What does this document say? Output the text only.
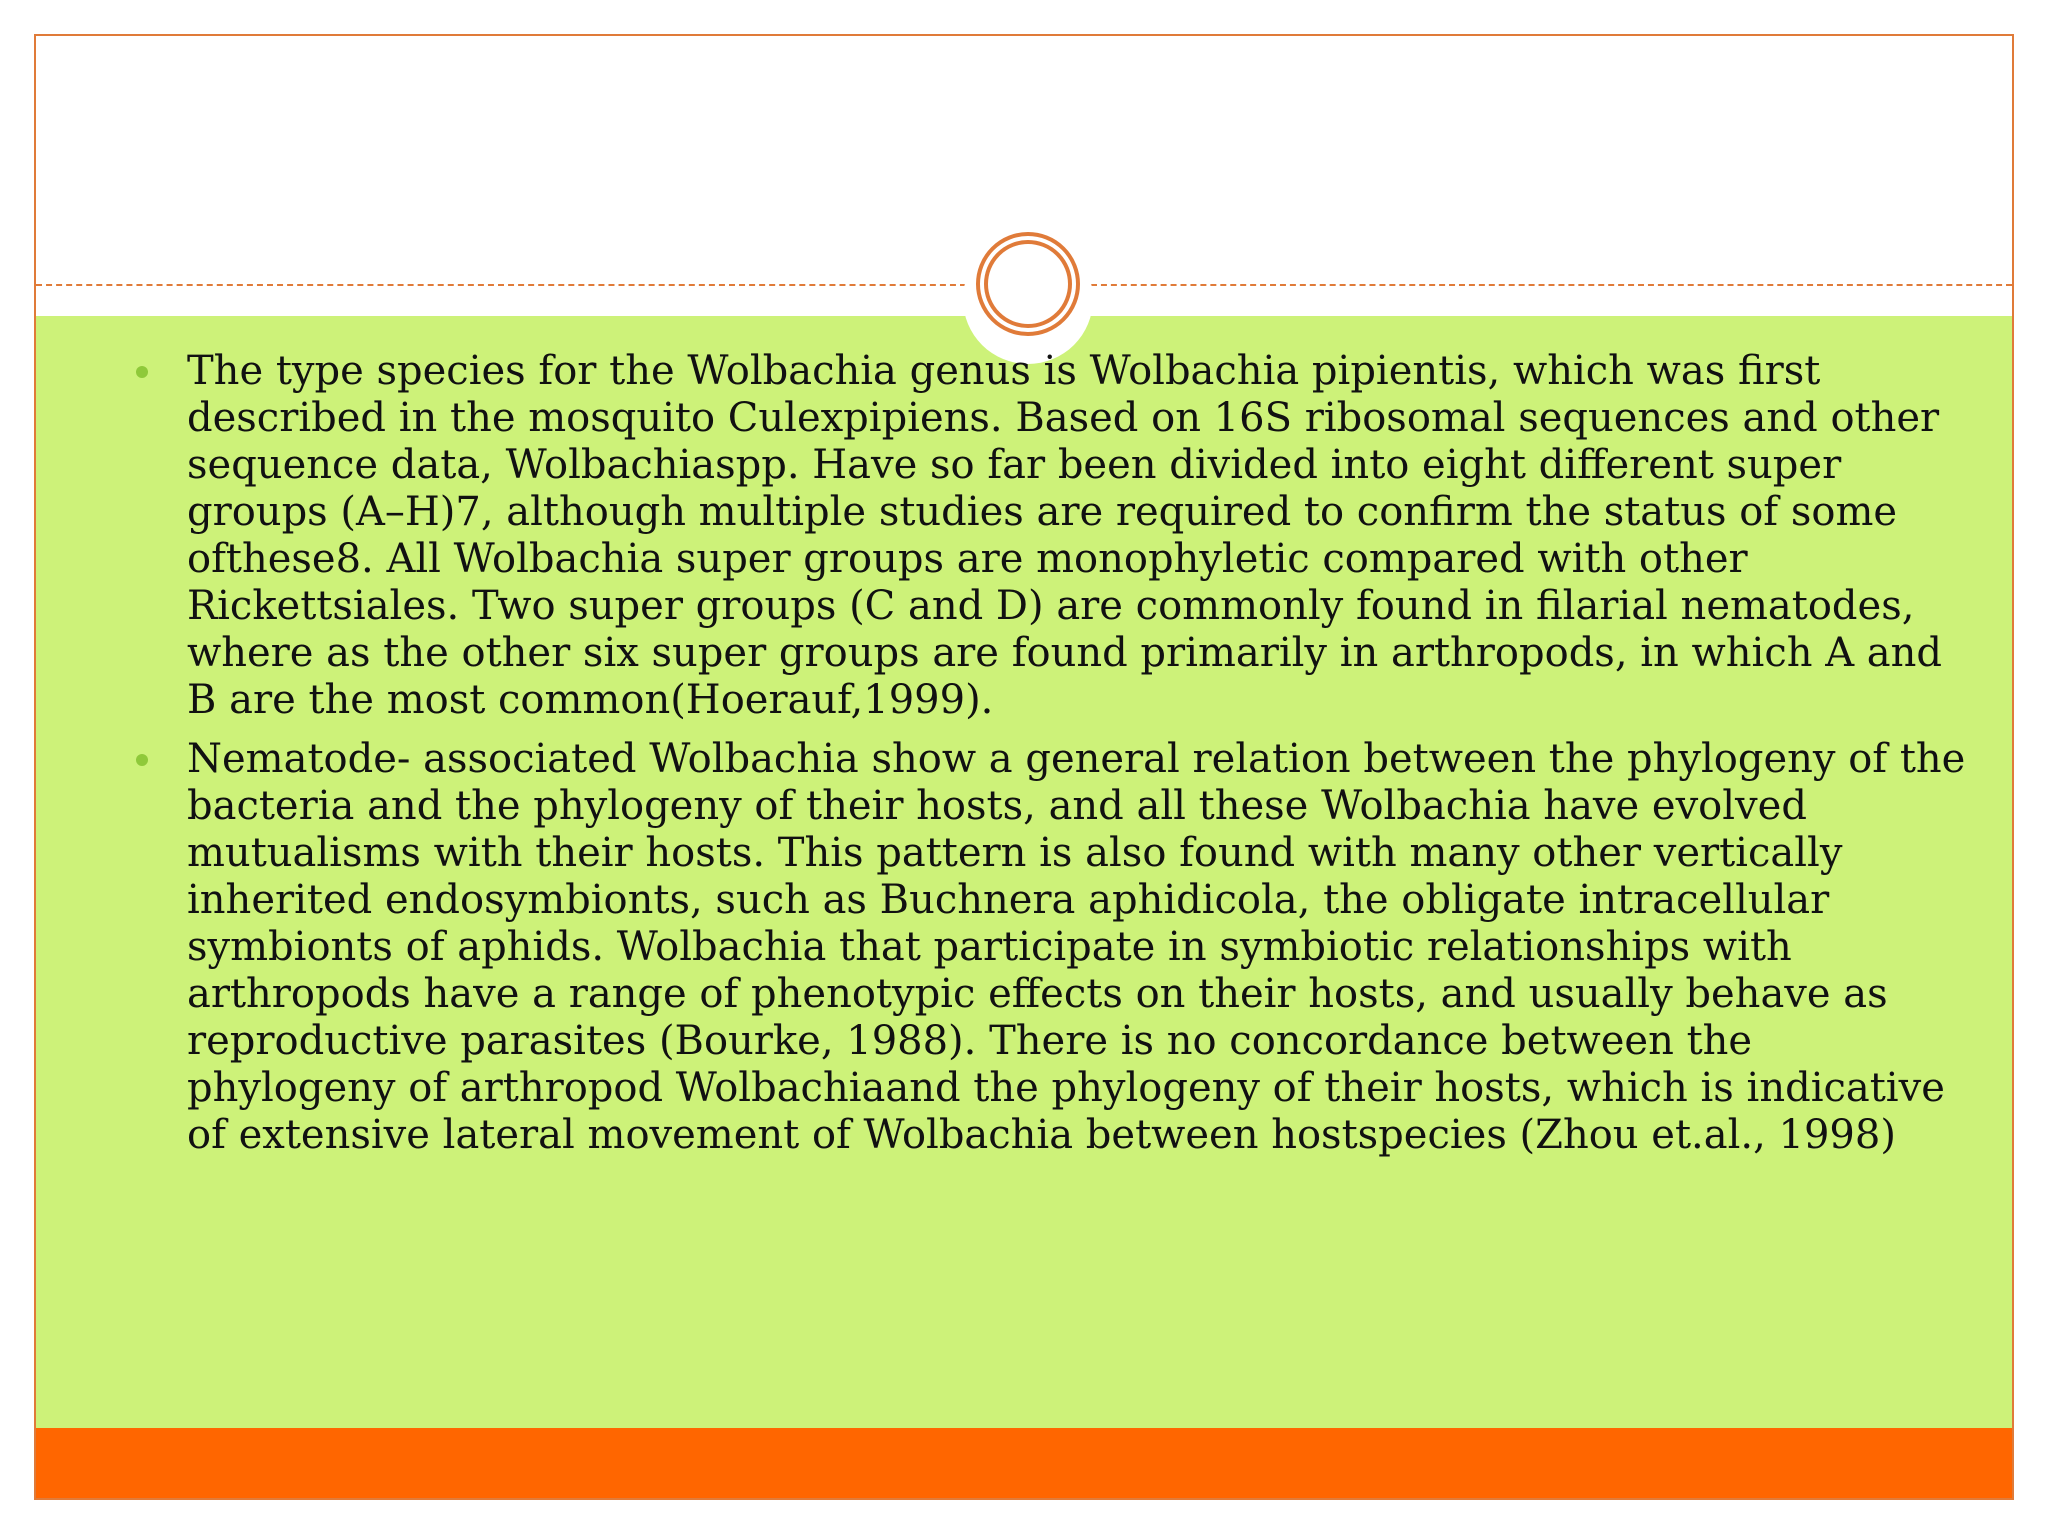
The type species for the Wolbachia genus is Wolbachia pipientis, which was first described in the mosquito Culexpipiens. Based on 16S ribosomal sequences and other sequence data, Wolbachiaspp. Have so far been divided into eight different super groups (A–H)7, although multiple studies are required to confirm the status of some ofthese8. All Wolbachia super groups are monophyletic compared with other Rickettsiales. Two super groups (C and D) are commonly found in filarial nematodes, where as the other six super groups are found primarily in arthropods, in which A and B are the most common(Hoerauf,1999).
Nematode- associated Wolbachia show a general relation between the phylogeny of the bacteria and the phylogeny of their hosts, and all these Wolbachia have evolved mutualisms with their hosts. This pattern is also found with many other vertically inherited endosymbionts, such as Buchnera aphidicola, the obligate intracellular symbionts of aphids. Wolbachia that participate in symbiotic relationships with arthropods have a range of phenotypic effects on their hosts, and usually behave as reproductive parasites (Bourke, 1988). There is no concordance between the phylogeny of arthropod Wolbachiaand the phylogeny of their hosts, which is indicative of extensive lateral movement of Wolbachia between hostspecies (Zhou et.al., 1998)
